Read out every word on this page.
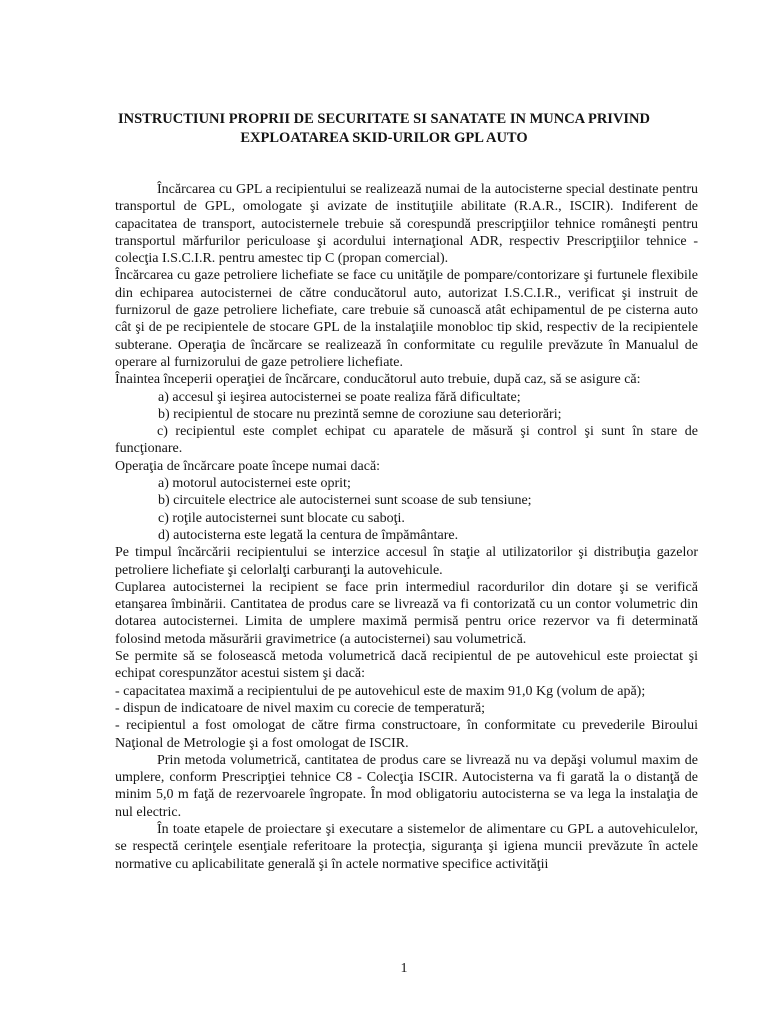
INSTRUCTIUNI PROPRII DE SECURITATE SI SANATATE IN MUNCA PRIVIND
EXPLOATAREA SKID-URILOR GPL AUTO

Încărcarea cu GPL a recipientului se realizează numai de la autocisterne special destinate pentru transportul de GPL, omologate şi avizate de instituţiile abilitate (R.A.R., ISCIR). Indiferent de capacitatea de transport, autocisternele trebuie să corespundă prescripţiilor tehnice româneşti pentru transportul mărfurilor periculoase şi acordului internaţional ADR, respectiv Prescripţiilor tehnice - colecţia I.S.C.I.R. pentru amestec tip C (propan comercial).

Încărcarea cu gaze petroliere lichefiate se face cu unităţile de pompare/contorizare şi furtunele flexibile din echiparea autocisternei de către conducătorul auto, autorizat I.S.C.I.R., verificat şi instruit de furnizorul de gaze petroliere lichefiate, care trebuie să cunoască atât echipamentul de pe cisterna auto cât şi de pe recipientele de stocare GPL de la instalaţiile monobloc tip skid, respectiv de la recipientele subterane. Operaţia de încărcare se realizează în conformitate cu regulile prevăzute în Manualul de operare al furnizorului de gaze petroliere lichefiate.

Înaintea începerii operaţiei de încărcare, conducătorul auto trebuie, după caz, să se asigure că:

a) accesul şi ieşirea autocisternei se poate realiza fără dificultate;

b) recipientul de stocare nu prezintă semne de coroziune sau deteriorări;

c) recipientul este complet echipat cu aparatele de măsură şi control şi sunt în stare de funcţionare.

Operaţia de încărcare poate începe numai dacă:

a) motorul autocisternei este oprit;

b) circuitele electrice ale autocisternei sunt scoase de sub tensiune;

c) roţile autocisternei sunt blocate cu saboţi.

d) autocisterna este legată la centura de împământare.

Pe timpul încărcării recipientului se interzice accesul în staţie al utilizatorilor şi distribuţia gazelor petroliere lichefiate şi celorlalţi carburanţi la autovehicule.

Cuplarea autocisternei la recipient se face prin intermediul racordurilor din dotare şi se verifică etanşarea îmbinării. Cantitatea de produs care se livrează va fi contorizată cu un contor volumetric din dotarea autocisternei. Limita de umplere maximă permisă pentru orice rezervor va fi determinată folosind metoda măsurării gravimetrice (a autocisternei) sau volumetrică.

Se permite să se folosească metoda volumetrică dacă recipientul de pe autovehicul este proiectat şi echipat corespunzător acestui sistem şi dacă:

- capacitatea maximă a recipientului de pe autovehicul este de maxim 91,0 Kg (volum de apă);

- dispun de indicatoare de nivel maxim cu corecie de temperatură;

- recipientul a fost omologat de către firma constructoare, în conformitate cu prevederile Biroului Naţional de Metrologie şi a fost omologat de ISCIR.

Prin metoda volumetrică, cantitatea de produs care se livrează nu va depăşi volumul maxim de umplere, conform Prescripţiei tehnice C8 - Colecţia ISCIR. Autocisterna va fi garată la o distanţă de minim 5,0 m faţă de rezervoarele îngropate. În mod obligatoriu autocisterna se va lega la instalaţia de nul electric.

În toate etapele de proiectare şi executare a sistemelor de alimentare cu GPL a autovehiculelor, se respectă cerinţele esenţiale referitoare la protecţia, siguranţa şi igiena muncii prevăzute în actele normative cu aplicabilitate generală şi în actele normative specifice activităţii

1
